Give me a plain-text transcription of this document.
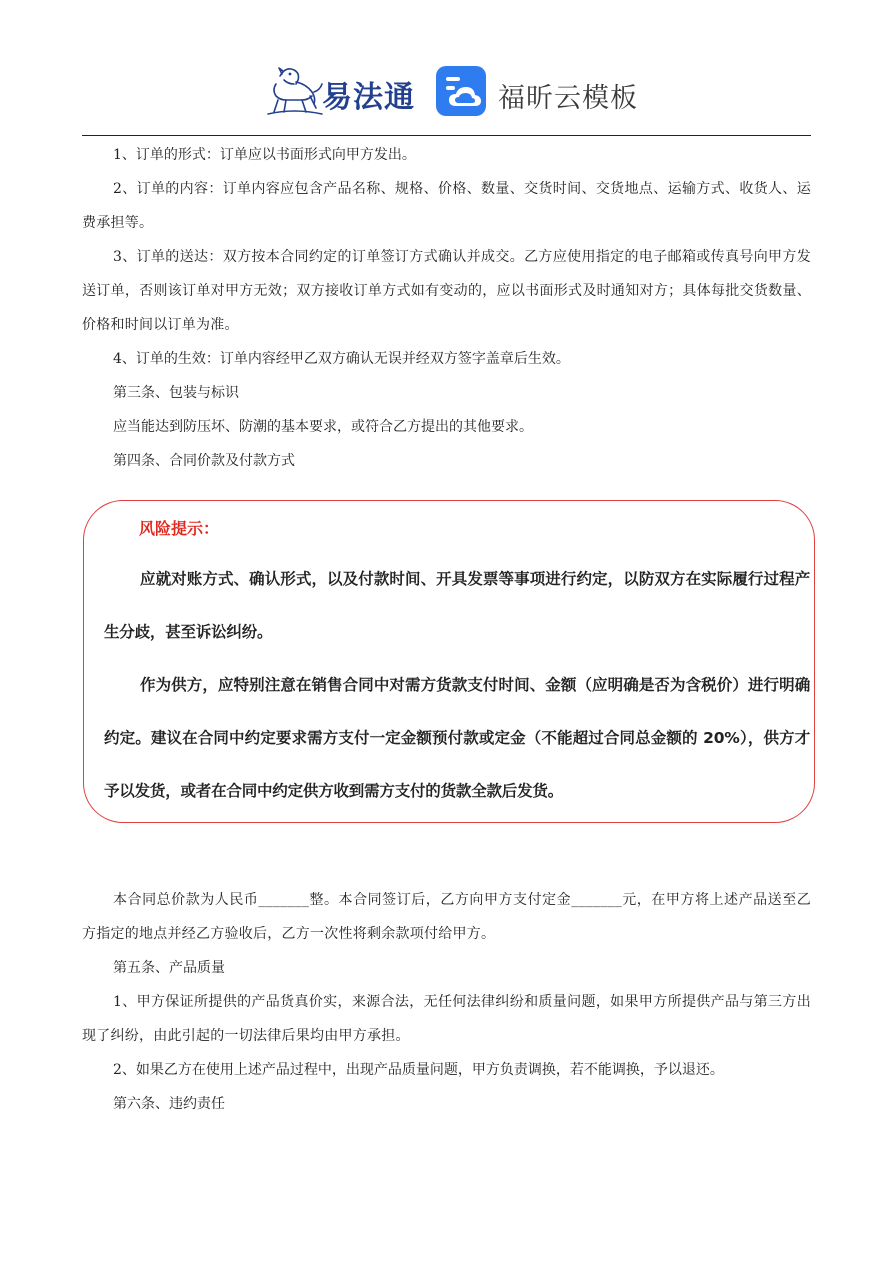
易法通	福昕云模板

1、订单的形式：订单应以书面形式向甲方发出。

2、订单的内容：订单内容应包含产品名称、规格、价格、数量、交货时间、交货地点、运输方式、收货人、运费承担等。

3、订单的送达：双方按本合同约定的订单签订方式确认并成交。乙方应使用指定的电子邮箱或传真号向甲方发送订单，否则该订单对甲方无效；双方接收订单方式如有变动的，应以书面形式及时通知对方；具体每批交货数量、价格和时间以订单为准。

4、订单的生效：订单内容经甲乙双方确认无误并经双方签字盖章后生效。

第三条、包装与标识

应当能达到防压坏、防潮的基本要求，或符合乙方提出的其他要求。

第四条、合同价款及付款方式

风险提示：

应就对账方式、确认形式，以及付款时间、开具发票等事项进行约定，以防双方在实际履行过程产生分歧，甚至诉讼纠纷。

作为供方，应特别注意在销售合同中对需方货款支付时间、金额（应明确是否为含税价）进行明确约定。建议在合同中约定要求需方支付一定金额预付款或定金（不能超过合同总金额的 20%），供方才予以发货，或者在合同中约定供方收到需方支付的货款全款后发货。

本合同总价款为人民币_______整。本合同签订后，乙方向甲方支付定金_______元，在甲方将上述产品送至乙方指定的地点并经乙方验收后，乙方一次性将剩余款项付给甲方。

第五条、产品质量

1、甲方保证所提供的产品货真价实，来源合法，无任何法律纠纷和质量问题，如果甲方所提供产品与第三方出现了纠纷，由此引起的一切法律后果均由甲方承担。

2、如果乙方在使用上述产品过程中，出现产品质量问题，甲方负责调换，若不能调换，予以退还。

第六条、违约责任
